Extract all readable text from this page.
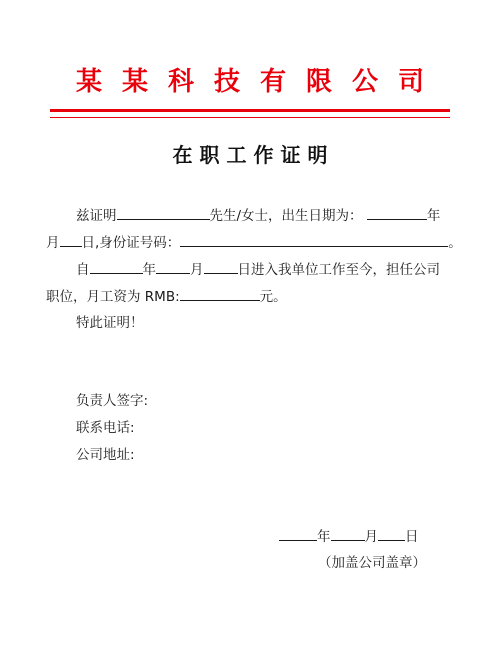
某某科技有限公司
在职工作证明
兹证明	先生/女士，出生日期为：	年
月 日,身份证号码：	。
自	年	月	日进入我单位工作至今，担任公司
职位，月工资为 RMB:	元。
特此证明！
负责人签字:
联系电话:
公司地址:
年	月 日
（加盖公司盖章）
